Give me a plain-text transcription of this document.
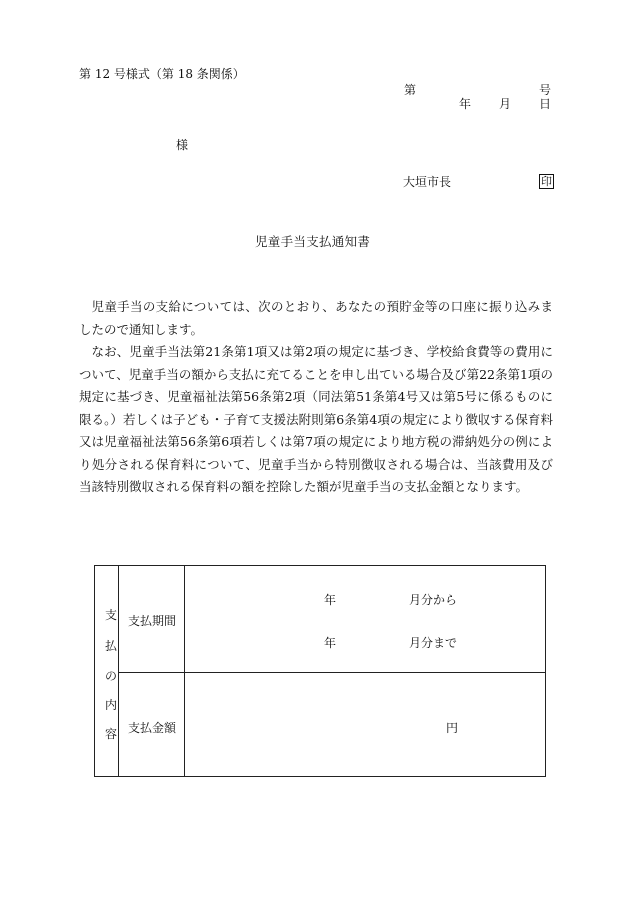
第 12 号様式（第 18 条関係）
第	号
年 月 日
様
大垣市長	印
児童手当支払通知書

児童手当の支給については、次のとおり、あなたの預貯金等の口座に振り込みましたので通知します。

なお、児童手当法第21条第1項又は第2項の規定に基づき、学校給食費等の費用について、児童手当の額から支払に充てることを申し出ている場合及び第22条第1項の規定に基づき、児童福祉法第56条第2項（同法第51条第4号又は第5号に係るものに限る。）若しくは子ども・子育て支援法附則第6条第4項の規定により徴収する保育料又は児童福祉法第56条第6項若しくは第7項の規定により地方税の滞納処分の例により処分される保育料について、児童手当から特別徴収される場合は、当該費用及び当該特別徴収される保育料の額を控除した額が児童手当の支払金額となります。

支
払
の
内
容
支払期間
年	月分から
年	月分まで
支払金額	円
